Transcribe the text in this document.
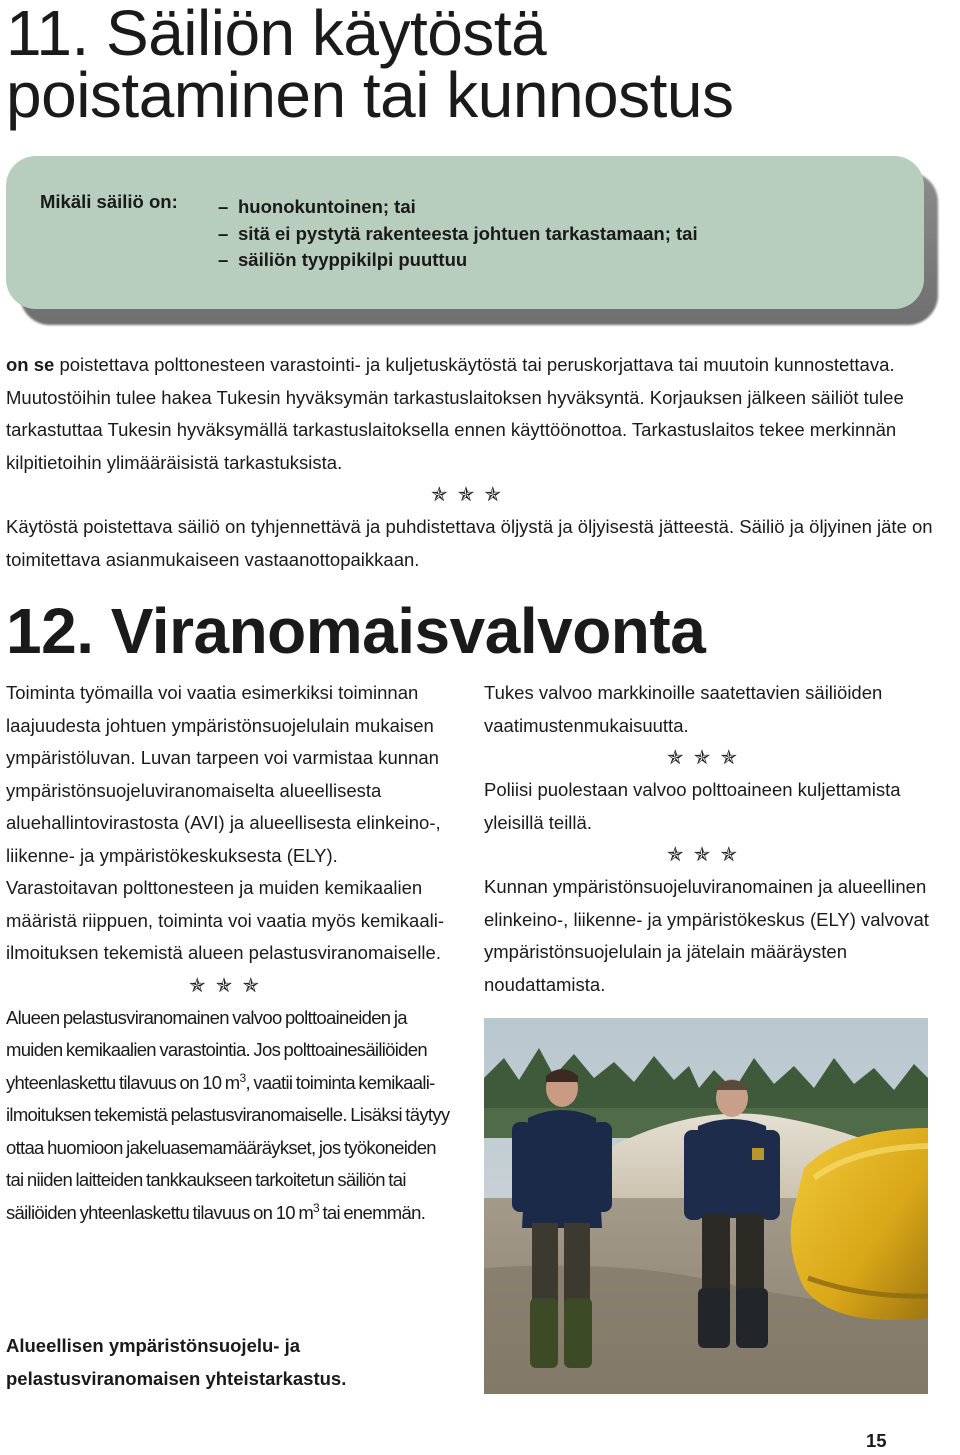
11. Säiliön käytöstä
poistaminen tai kunnostus
Mikäli säiliö on: – huonokuntoinen; tai
– sitä ei pystytä rakenteesta johtuen tarkastamaan; tai
– säiliön tyyppikilpi puuttuu

on se poistettava polttonesteen varastointi- ja kuljetuskäytöstä tai peruskorjattava tai muutoin kunnostettava. Muutostöihin tulee hakea Tukesin hyväksymän tarkastuslaitoksen hyväksyntä. Korjauksen jälkeen säiliöt tulee tarkastuttaa Tukesin hyväksymällä tarkastuslaitoksella ennen käyttöönottoa. Tarkastuslaitos tekee merkinnän kilpitietoihin ylimääräisistä tarkastuksista.

✯✯✯

Käytöstä poistettava säiliö on tyhjennettävä ja puhdistettava öljystä ja öljyisestä jätteestä. Säiliö ja öljyinen jäte on toimitettava asianmukaiseen vastaanottopaikkaan.

12. Viranomaisvalvonta

Toiminta työmailla voi vaatia esimerkiksi toiminnan laajuudesta johtuen ympäristönsuojelulain mukaisen ympäristöluvan. Luvan tarpeen voi varmistaa kunnan ympäristönsuojeluviranomaiselta alueellisesta aluehallintovirastosta (AVI) ja alueellisesta elinkeino-, liikenne- ja ympäristökeskuksesta (ELY). Varastoitavan polttonesteen ja muiden kemikaalien määristä riippuen, toiminta voi vaatia myös kemikaali-ilmoituksen tekemistä alueen pelastusviranomaiselle.

✯✯✯

Alueen pelastusviranomainen valvoo polttoaineiden ja muiden kemikaalien varastointia. Jos polttoainesäiliöiden yhteenlaskettu tilavuus on 10 $m^3$, vaatii toiminta kemikaali-ilmoituksen tekemistä pelastusviranomaiselle. Lisäksi täytyy ottaa huomioon jakeluasemamääräykset, jos työkoneiden tai niiden laitteiden tankkaukseen tarkoitetun säiliön tai säiliöiden yhteenlaskettu tilavuus on 10 $m^3$ tai enemmän.

Tukes valvoo markkinoille saatettavien säiliöiden vaatimustenmukaisuutta.

✯✯✯

Poliisi puolestaan valvoo polttoaineen kuljettamista yleisillä teillä.

✯✯✯

Kunnan ympäristönsuojeluviranomainen ja alueellinen elinkeino-, liikenne- ja ympäristökeskus (ELY) valvovat ympäristönsuojelulain ja jätelain määräysten noudattamista.

Alueellisen ympäristönsuojelu- ja pelastusviranomaisen yhteistarkastus.
15
